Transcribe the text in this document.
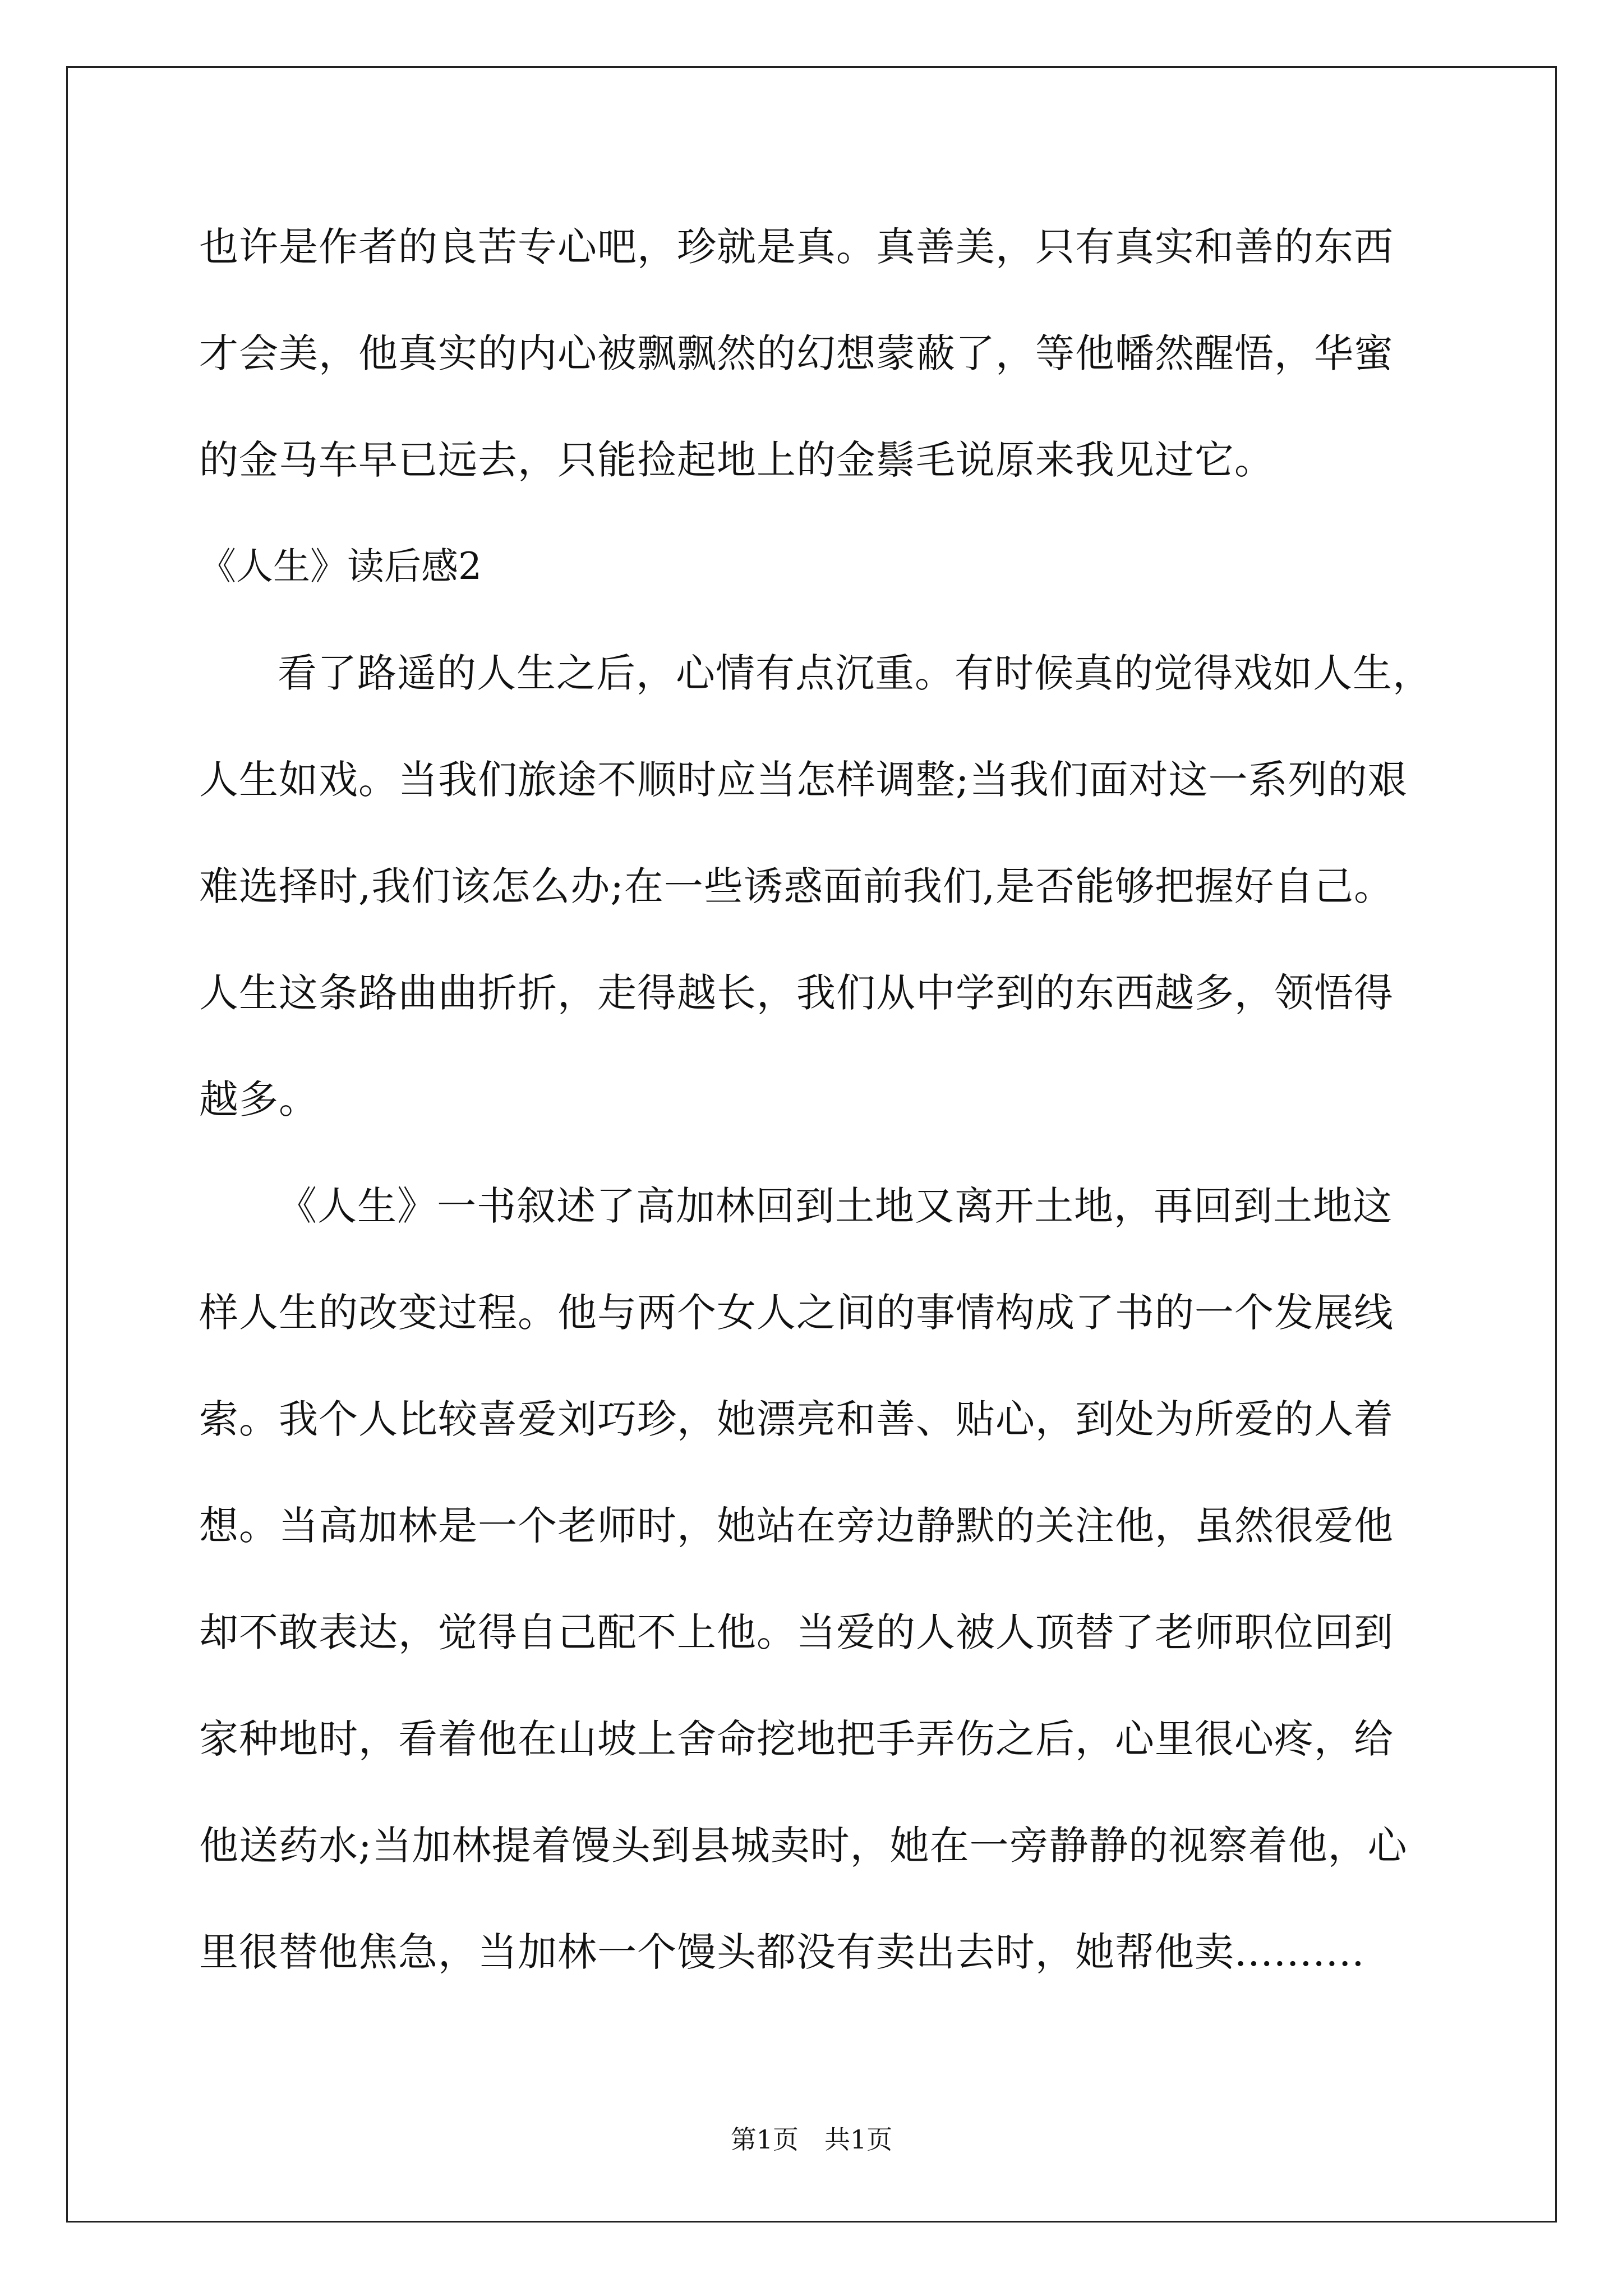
也许是作者的良苦专心吧，珍就是真。真善美，只有真实和善的东西
才会美，他真实的内心被飘飘然的幻想蒙蔽了，等他幡然醒悟，华蜜
的金马车早已远去，只能捡起地上的金鬃毛说原来我见过它。
《人生》读后感2
看了路遥的人生之后，心情有点沉重。有时候真的觉得戏如人生，
人生如戏。当我们旅途不顺时应当怎样调整;当我们面对这一系列的艰
难选择时,我们该怎么办;在一些诱惑面前我们,是否能够把握好自己。
人生这条路曲曲折折，走得越长，我们从中学到的东西越多，领悟得
越多。
《人生》一书叙述了高加林回到土地又离开土地，再回到土地这
样人生的改变过程。他与两个女人之间的事情构成了书的一个发展线
索。我个人比较喜爱刘巧珍，她漂亮和善、贴心，到处为所爱的人着
想。当高加林是一个老师时，她站在旁边静默的关注他，虽然很爱他
却不敢表达，觉得自己配不上他。当爱的人被人顶替了老师职位回到
家种地时，看着他在山坡上舍命挖地把手弄伤之后，心里很心疼，给
他送药水;当加林提着馒头到县城卖时，她在一旁静静的视察着他，心
里很替他焦急，当加林一个馒头都没有卖出去时，她帮他卖..........
第1页　共1页
